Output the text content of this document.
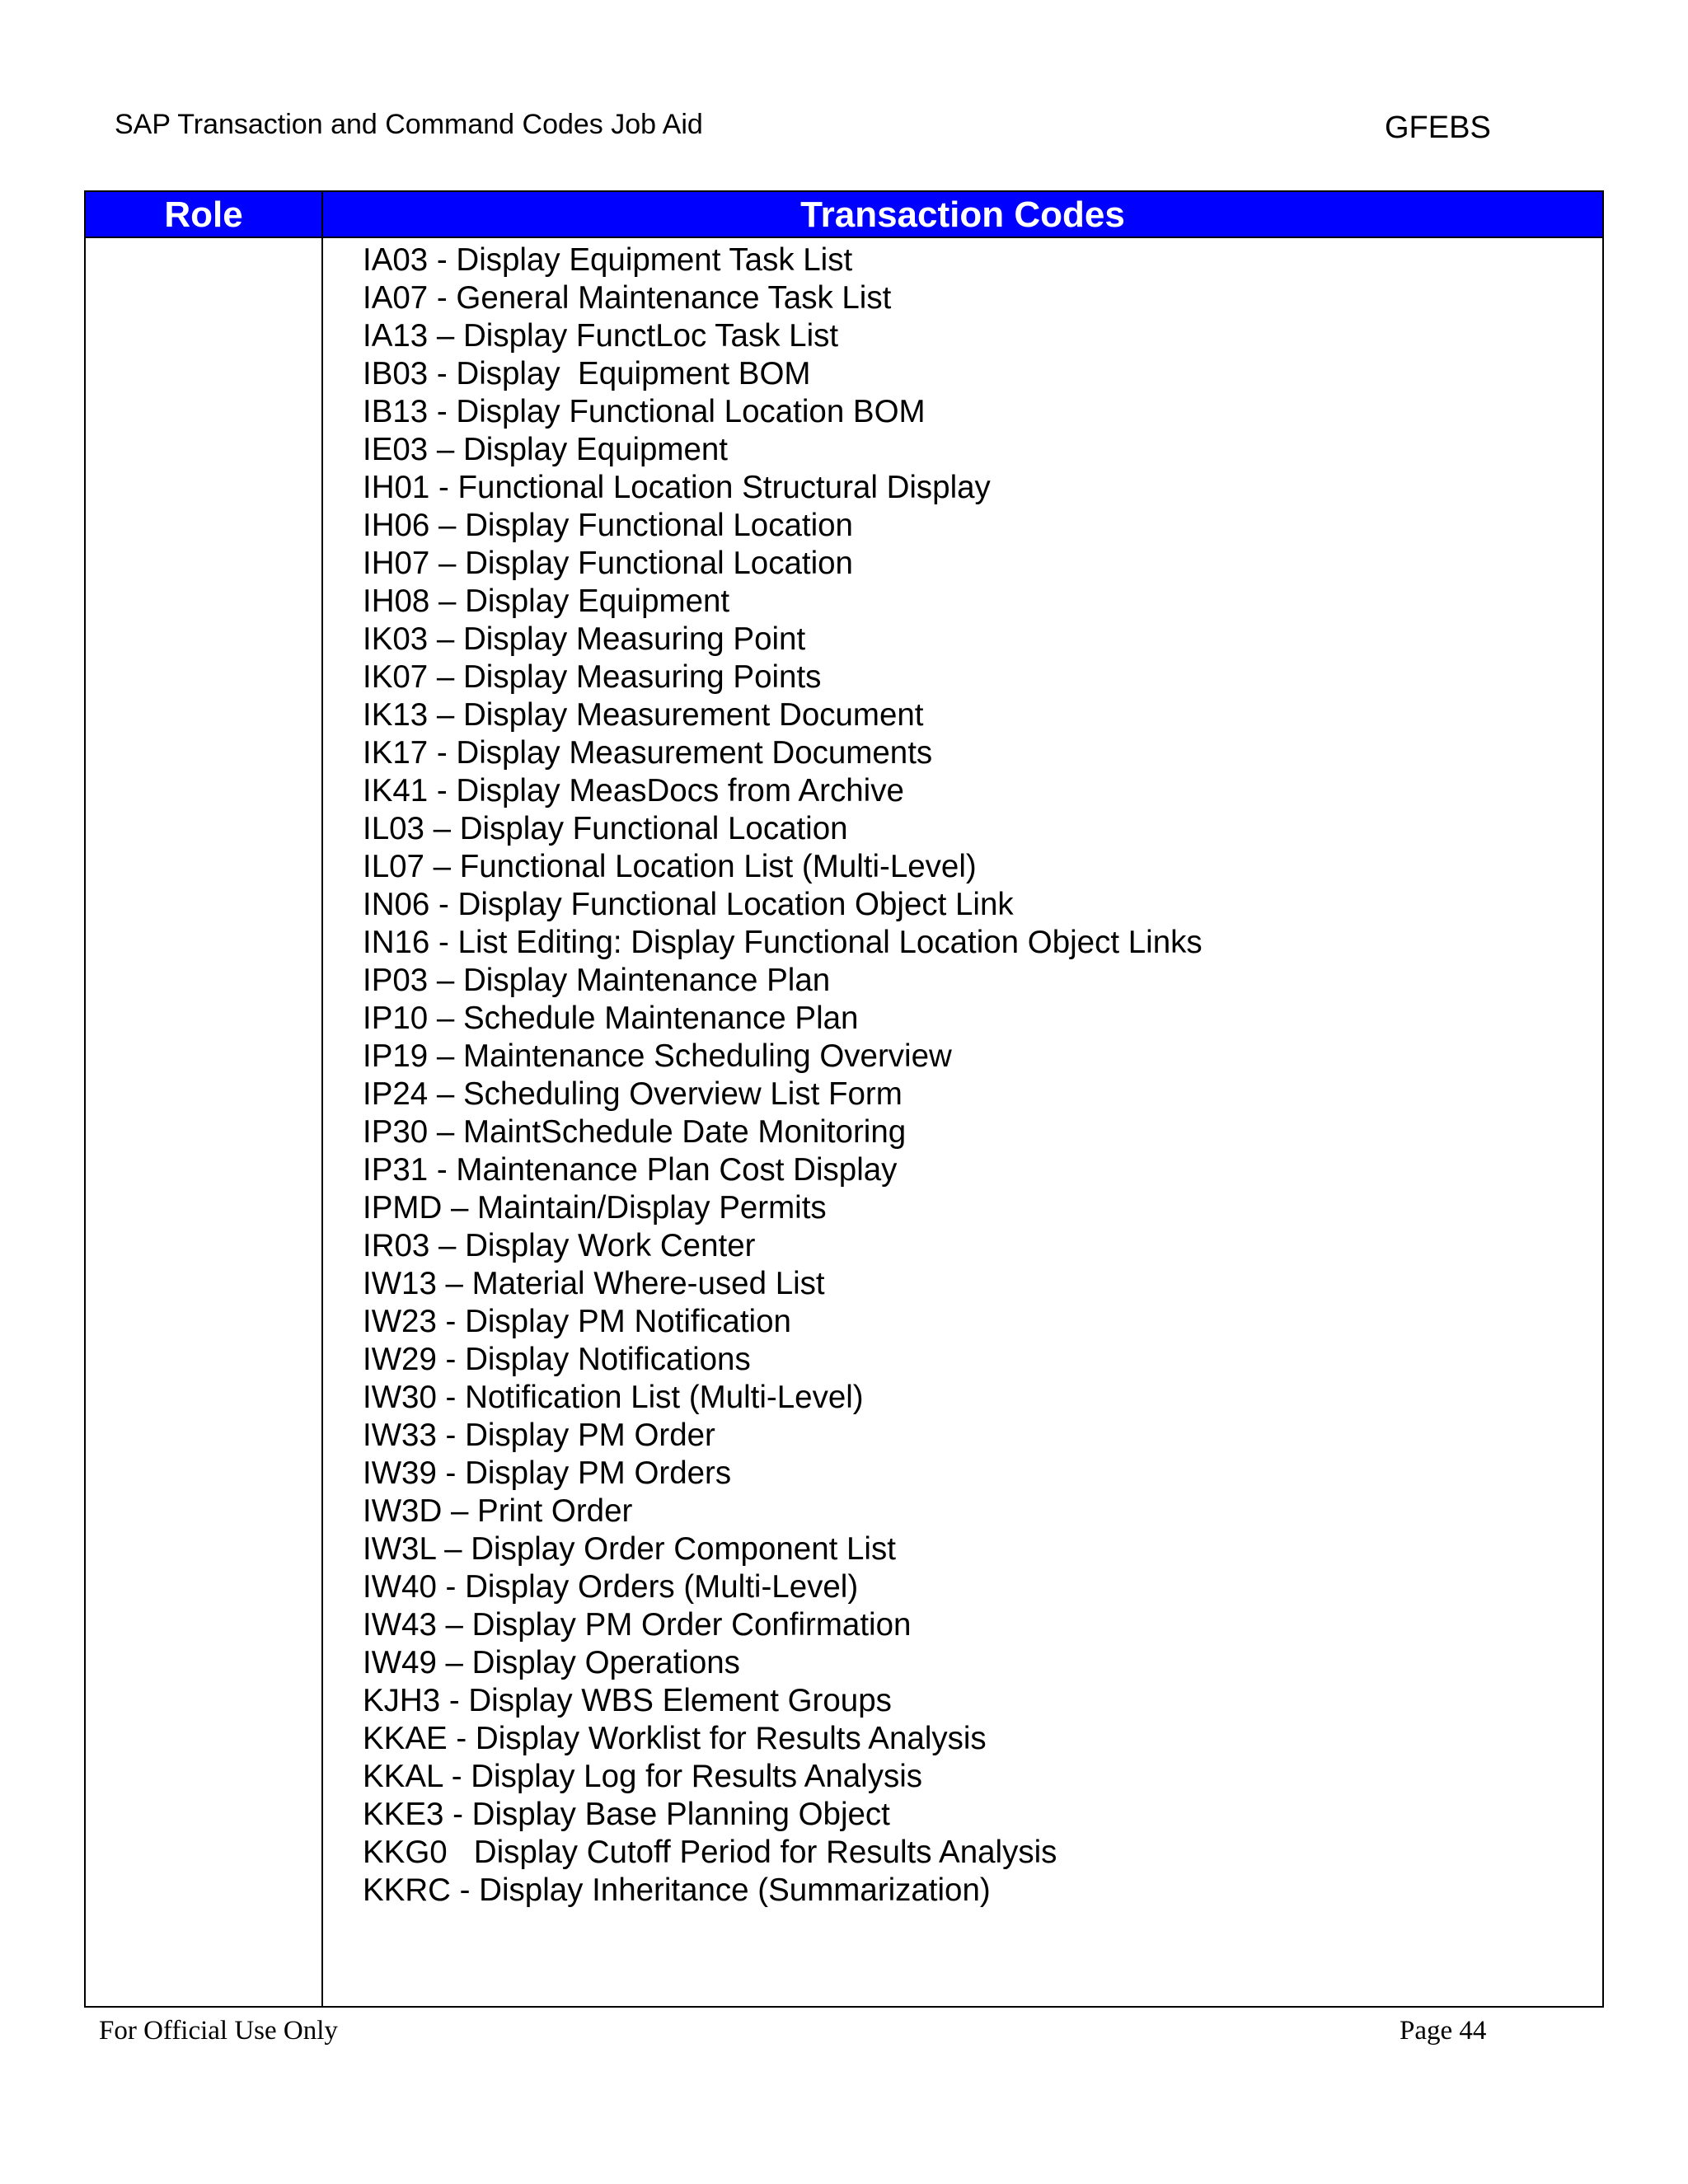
SAP Transaction and Command Codes Job Aid	GFEBS
Role	Transaction Codes
IA03 - Display Equipment Task List
IA07 - General Maintenance Task List
IA13 – Display FunctLoc Task List
IB03 - Display  Equipment BOM
IB13 - Display Functional Location BOM
IE03 – Display Equipment
IH01 - Functional Location Structural Display
IH06 – Display Functional Location
IH07 – Display Functional Location
IH08 – Display Equipment
IK03 – Display Measuring Point
IK07 – Display Measuring Points
IK13 – Display Measurement Document
IK17 - Display Measurement Documents
IK41 - Display MeasDocs from Archive
IL03 – Display Functional Location
IL07 – Functional Location List (Multi-Level)
IN06 - Display Functional Location Object Link
IN16 - List Editing: Display Functional Location Object Links
IP03 – Display Maintenance Plan
IP10 – Schedule Maintenance Plan
IP19 – Maintenance Scheduling Overview
IP24 – Scheduling Overview List Form
IP30 – MaintSchedule Date Monitoring
IP31 - Maintenance Plan Cost Display
IPMD – Maintain/Display Permits
IR03 – Display Work Center
IW13 – Material Where-used List
IW23 - Display PM Notification
IW29 - Display Notifications
IW30 - Notification List (Multi-Level)
IW33 - Display PM Order
IW39 - Display PM Orders
IW3D – Print Order
IW3L – Display Order Component List
IW40 - Display Orders (Multi-Level)
IW43 – Display PM Order Confirmation
IW49 – Display Operations
KJH3 - Display WBS Element Groups
KKAE - Display Worklist for Results Analysis
KKAL - Display Log for Results Analysis
KKE3 - Display Base Planning Object
KKG0   Display Cutoff Period for Results Analysis
KKRC - Display Inheritance (Summarization)
For Official Use Only	Page 44
